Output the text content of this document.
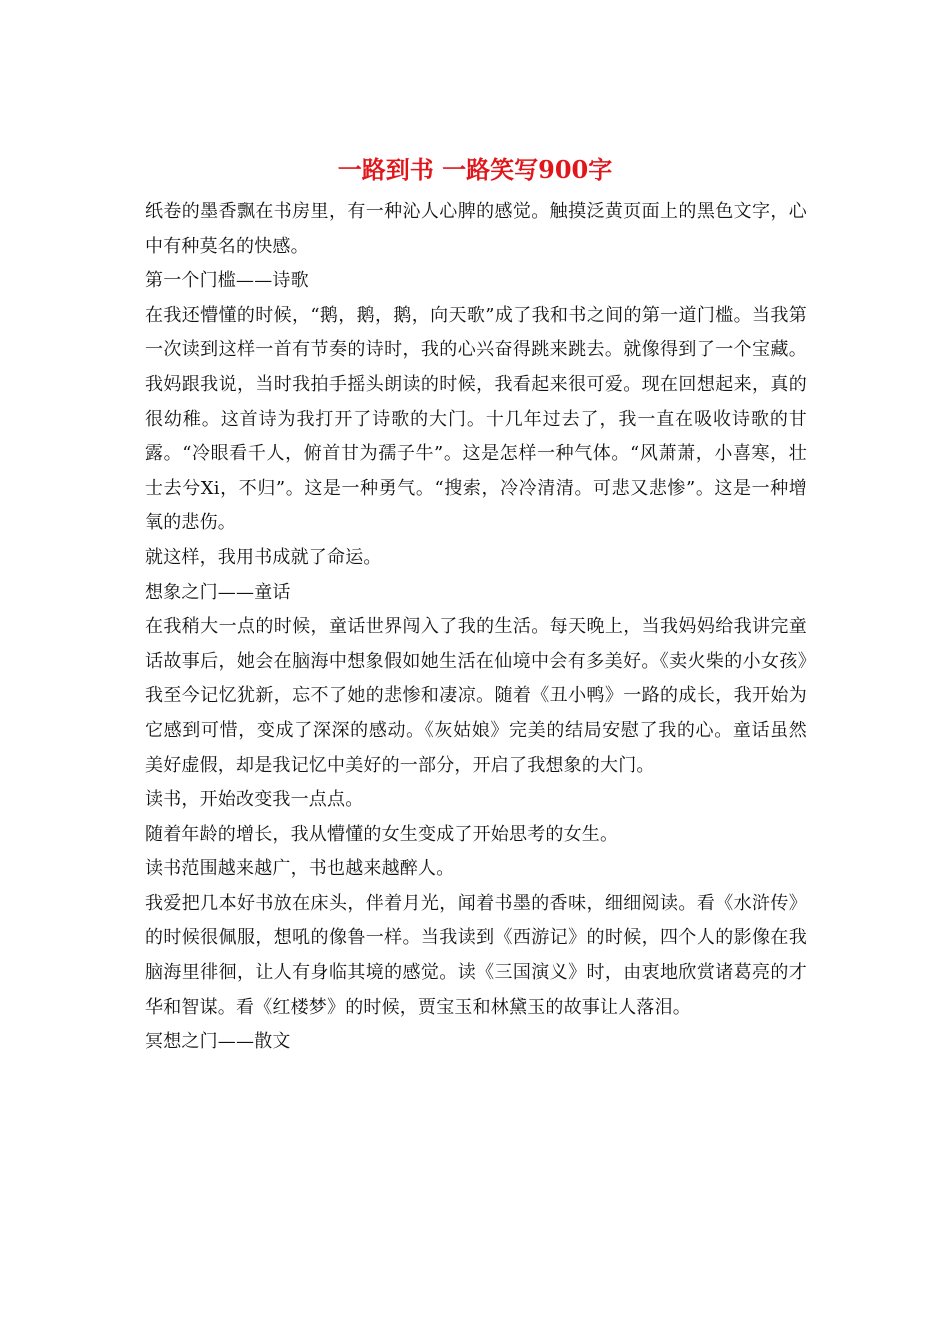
一路到书 一路笑写900字

纸卷的墨香飘在书房里，有一种沁人心脾的感觉。触摸泛黄页面上的黑色文字，心中有种莫名的快感。

第一个门槛——诗歌

在我还懵懂的时候，“鹅，鹅，鹅，向天歌”成了我和书之间的第一道门槛。当我第一次读到这样一首有节奏的诗时，我的心兴奋得跳来跳去。就像得到了一个宝藏。我妈跟我说，当时我拍手摇头朗读的时候，我看起来很可爱。现在回想起来，真的很幼稚。这首诗为我打开了诗歌的大门。十几年过去了，我一直在吸收诗歌的甘露。“冷眼看千人，俯首甘为孺子牛”。这是怎样一种气体。“风萧萧，小喜寒，壮士去兮Xi，不归”。这是一种勇气。“搜索，冷冷清清。可悲又悲惨”。这是一种增氧的悲伤。

就这样，我用书成就了命运。

想象之门——童话

在我稍大一点的时候，童话世界闯入了我的生活。每天晚上，当我妈妈给我讲完童话故事后，她会在脑海中想象假如她生活在仙境中会有多美好。《卖火柴的小女孩》我至今记忆犹新，忘不了她的悲惨和凄凉。随着《丑小鸭》一路的成长，我开始为它感到可惜，变成了深深的感动。《灰姑娘》完美的结局安慰了我的心。童话虽然美好虚假，却是我记忆中美好的一部分，开启了我想象的大门。

读书，开始改变我一点点。

随着年龄的增长，我从懵懂的女生变成了开始思考的女生。

读书范围越来越广，书也越来越醉人。

我爱把几本好书放在床头，伴着月光，闻着书墨的香味，细细阅读。看《水浒传》的时候很佩服，想吼的像鲁一样。当我读到《西游记》的时候，四个人的影像在我脑海里徘徊，让人有身临其境的感觉。读《三国演义》时，由衷地欣赏诸葛亮的才华和智谋。看《红楼梦》的时候，贾宝玉和林黛玉的故事让人落泪。

冥想之门——散文
